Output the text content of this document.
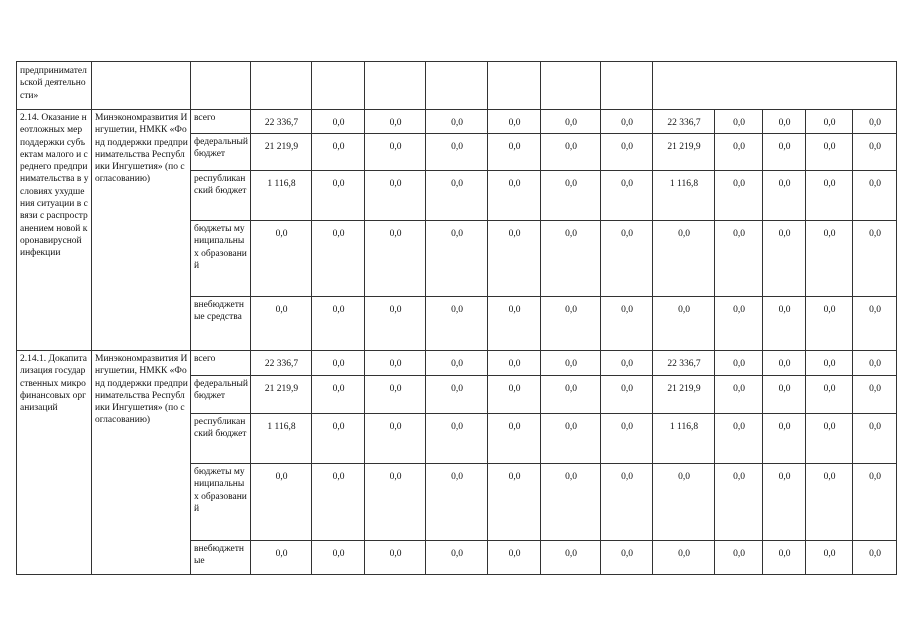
предпринимательской деятельности»														
2.14. Оказание неотложных мер поддержки субъектам малого и среднего предпринимательства в условиях ухудшения ситуации в связи с распространением новой коронавирусной инфекции	Минэкономразвития Ингушетии, НМКК «Фонд поддержки предпринимательства Республики Ингушетия» (по согласованию)	всего	22 336,7	0,0	0,0	0,0	0,0	0,0	0,0	22 336,7	0,0	0,0	0,0	0,0
		федеральный бюджет	21 219,9	0,0	0,0	0,0	0,0	0,0	0,0	21 219,9	0,0	0,0	0,0	0,0
		республиканский бюджет	1 116,8	0,0	0,0	0,0	0,0	0,0	0,0	1 116,8	0,0	0,0	0,0	0,0
		бюджеты муниципальных образований	0,0	0,0	0,0	0,0	0,0	0,0	0,0	0,0	0,0	0,0	0,0	0,0
		внебюджетные средства	0,0	0,0	0,0	0,0	0,0	0,0	0,0	0,0	0,0	0,0	0,0	0,0
2.14.1. Докапитализация государственных микрофинансовых организаций	Минэкономразвития Ингушетии, НМКК «Фонд поддержки предпринимательства Республики Ингушетия» (по согласованию)	всего	22 336,7	0,0	0,0	0,0	0,0	0,0	0,0	22 336,7	0,0	0,0	0,0	0,0
		федеральный бюджет	21 219,9	0,0	0,0	0,0	0,0	0,0	0,0	21 219,9	0,0	0,0	0,0	0,0
		республиканский бюджет	1 116,8	0,0	0,0	0,0	0,0	0,0	0,0	1 116,8	0,0	0,0	0,0	0,0
		бюджеты муниципальных образований	0,0	0,0	0,0	0,0	0,0	0,0	0,0	0,0	0,0	0,0	0,0	0,0
		внебюджетные	0,0	0,0	0,0	0,0	0,0	0,0	0,0	0,0	0,0	0,0	0,0	0,0
